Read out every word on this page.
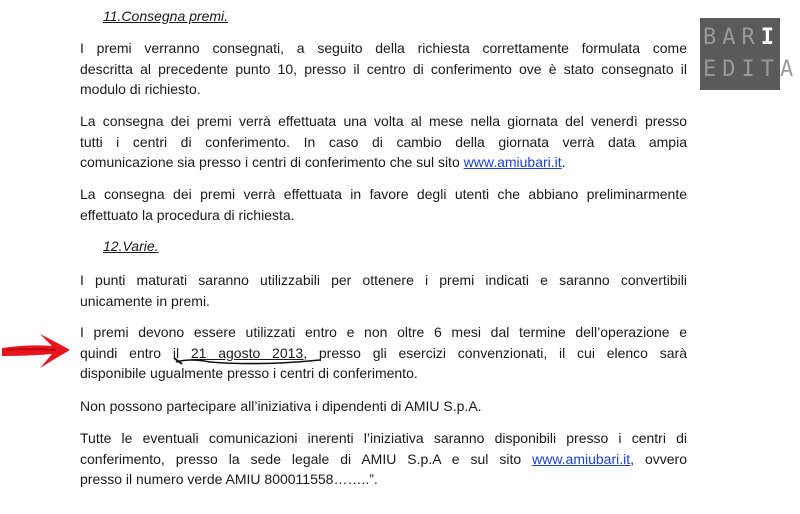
11.Consegna premi.

I premi verranno consegnati, a seguito della richiesta correttamente formulata come
descritta al precedente punto 10, presso il centro di conferimento ove è stato consegnato il
modulo di richiesto.

La consegna dei premi verrà effettuata una volta al mese nella giornata del venerdì presso
tutti i centri di conferimento. In caso di cambio della giornata verrà data ampia
comunicazione sia presso i centri di conferimento che sul sito www.amiubari.it.

La consegna dei premi verrà effettuata in favore degli utenti che abbiano preliminarmente
effettuato la procedura di richiesta.

12.Varie.

I punti maturati saranno utilizzabili per ottenere i premi indicati e saranno convertibili
unicamente in premi.

I premi devono essere utilizzati entro e non oltre 6 mesi dal termine dell’operazione e
quindi entro il 21 agosto 2013, presso gli esercizi convenzionati, il cui elenco sarà
disponibile ugualmente presso i centri di conferimento.

Non possono partecipare all’iniziativa i dipendenti di AMIU S.p.A.

Tutte le eventuali comunicazioni inerenti l’iniziativa saranno disponibili presso i centri di
conferimento, presso la sede legale di AMIU S.p.A e sul sito www.amiubari.it, ovvero
presso il numero verde AMIU 800011558……..”.

BARIN
EDITA
